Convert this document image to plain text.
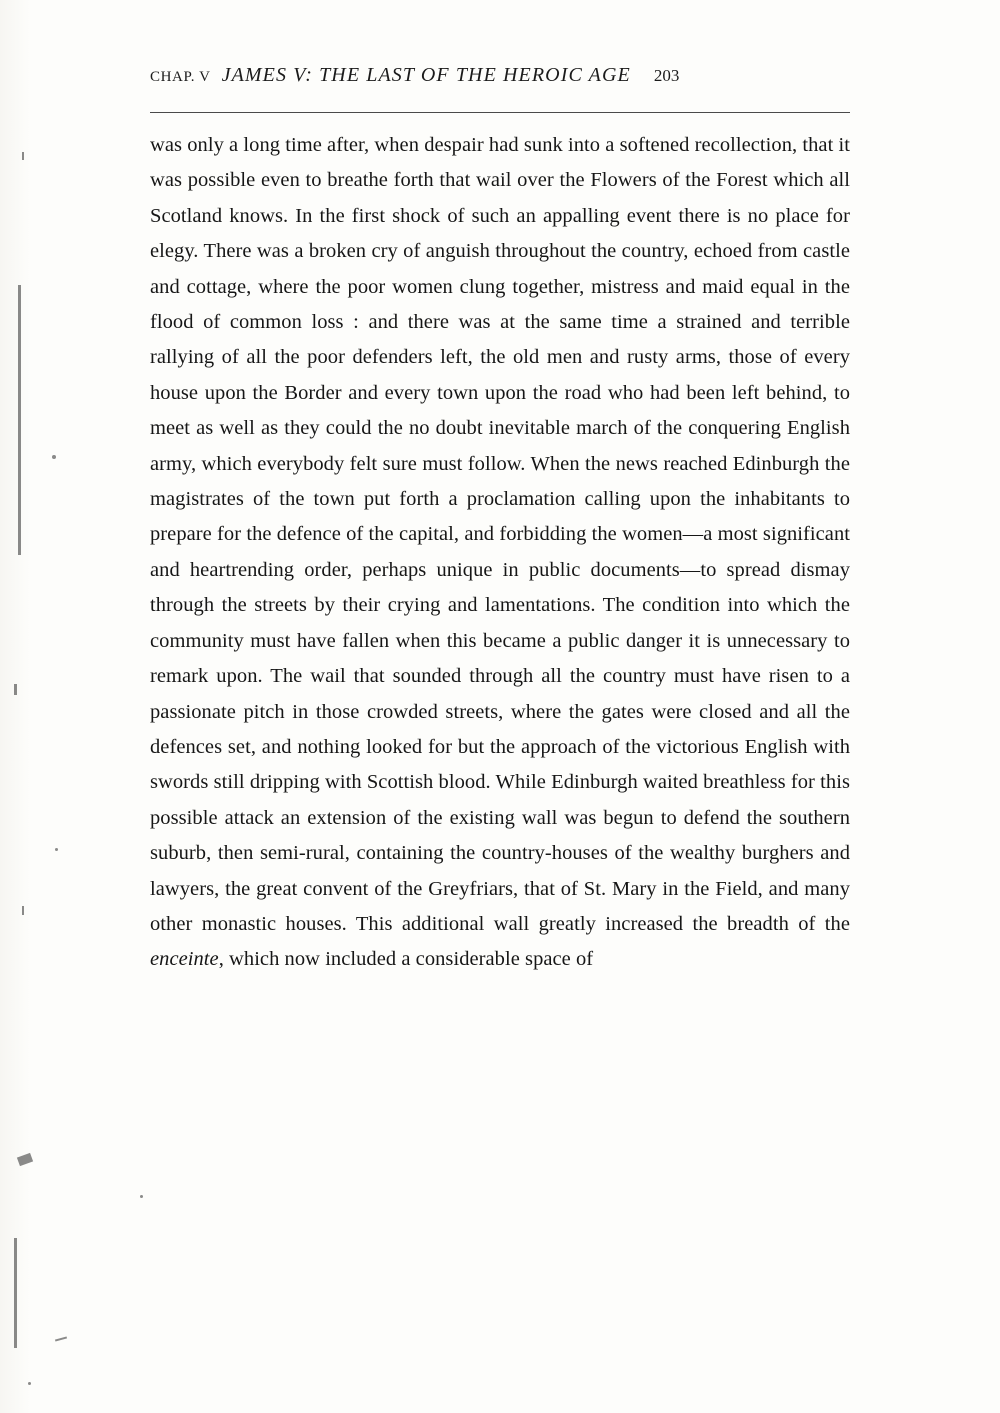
CHAP. V JAMES V: THE LAST OF THE HEROIC AGE 203

was only a long time after, when despair had sunk into a softened recollection, that it was possible even to breathe forth that wail over the Flowers of the Forest which all Scotland knows. In the first shock of such an appalling event there is no place for elegy. There was a broken cry of anguish throughout the country, echoed from castle and cottage, where the poor women clung together, mistress and maid equal in the flood of common loss : and there was at the same time a strained and terrible rallying of all the poor defenders left, the old men and rusty arms, those of every house upon the Border and every town upon the road who had been left behind, to meet as well as they could the no doubt inevitable march of the conquering English army, which everybody felt sure must follow. When the news reached Edinburgh the magistrates of the town put forth a proclamation calling upon the inhabitants to prepare for the defence of the capital, and forbidding the women—a most significant and heartrending order, perhaps unique in public documents—to spread dismay through the streets by their crying and lamentations. The condition into which the community must have fallen when this became a public danger it is unnecessary to remark upon. The wail that sounded through all the country must have risen to a passionate pitch in those crowded streets, where the gates were closed and all the defences set, and nothing looked for but the approach of the victorious English with swords still dripping with Scottish blood. While Edinburgh waited breathless for this possible attack an extension of the existing wall was begun to defend the southern suburb, then semi-rural, containing the country-houses of the wealthy burghers and lawyers, the great convent of the Greyfriars, that of St. Mary in the Field, and many other monastic houses. This additional wall greatly increased the breadth of the enceinte, which now included a considerable space of
